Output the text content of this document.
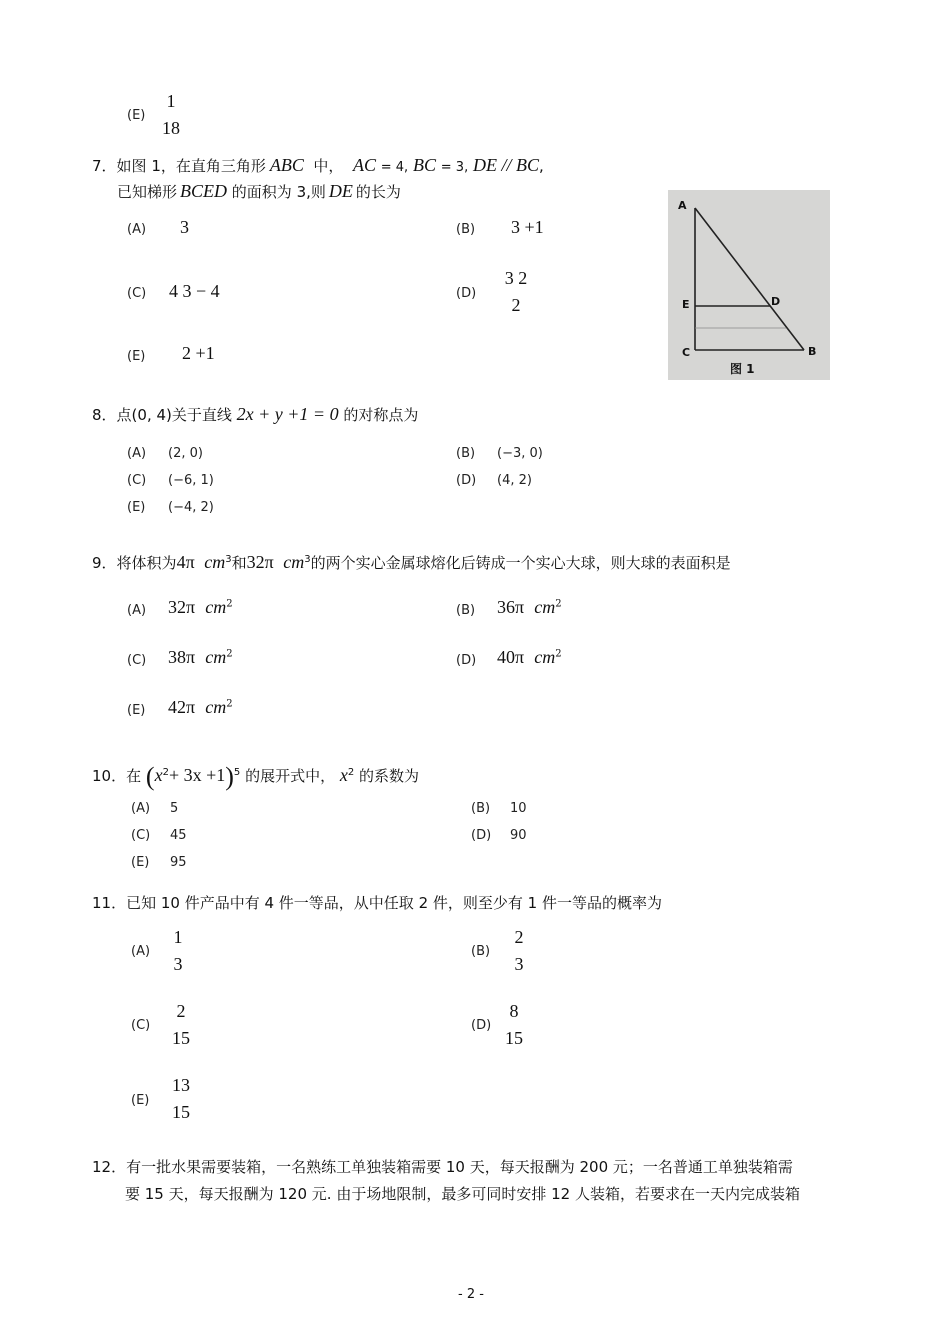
(E)
1
18
7．如图 1，在直角三角形 ABC 中， AC = 4, BC = 3, DE // BC,
已知梯形 BCED 的面积为 3,则 DE 的长为
(A) 3	(B) 3 +1
(C) 4 3 − 4	(D)
3 2
2
(E) 2 +1
A
E	D
C	B
图 1
8．点(0, 4)关于直线 2x + y +1 = 0 的对称点为
(A) (2, 0)	(B) (−3, 0)
(C) (−6, 1)	(D) (4, 2)
(E) (−4, 2)
9．将体积为4π $cm^3$和32π $cm^3$的两个实心金属球熔化后铸成一个实心大球，则大球的表面积是
(A) 32π $cm^2$	(B) 36π $cm^2$
(C) 38π $cm^2$	(D) 40π $cm^2$
(E) 42π $cm^2$
10．在 $(x^2+ 3x +1)^5$ 的展开式中， $x^2$ 的系数为
(A) 5	(B) 10
(C) 45	(D) 90
(E) 95
11．已知 10 件产品中有 4 件一等品，从中任取 2 件，则至少有 1 件一等品的概率为
(A)
1
3
(B)
2
3
(C)
2
15
(D)
8
15
(E)
13
15
12．有一批水果需要装箱，一名熟练工单独装箱需要 10 天，每天报酬为 200 元；一名普通工单独装箱需
要 15 天，每天报酬为 120 元. 由于场地限制，最多可同时安排 12 人装箱，若要求在一天内完成装箱
- 2 -
